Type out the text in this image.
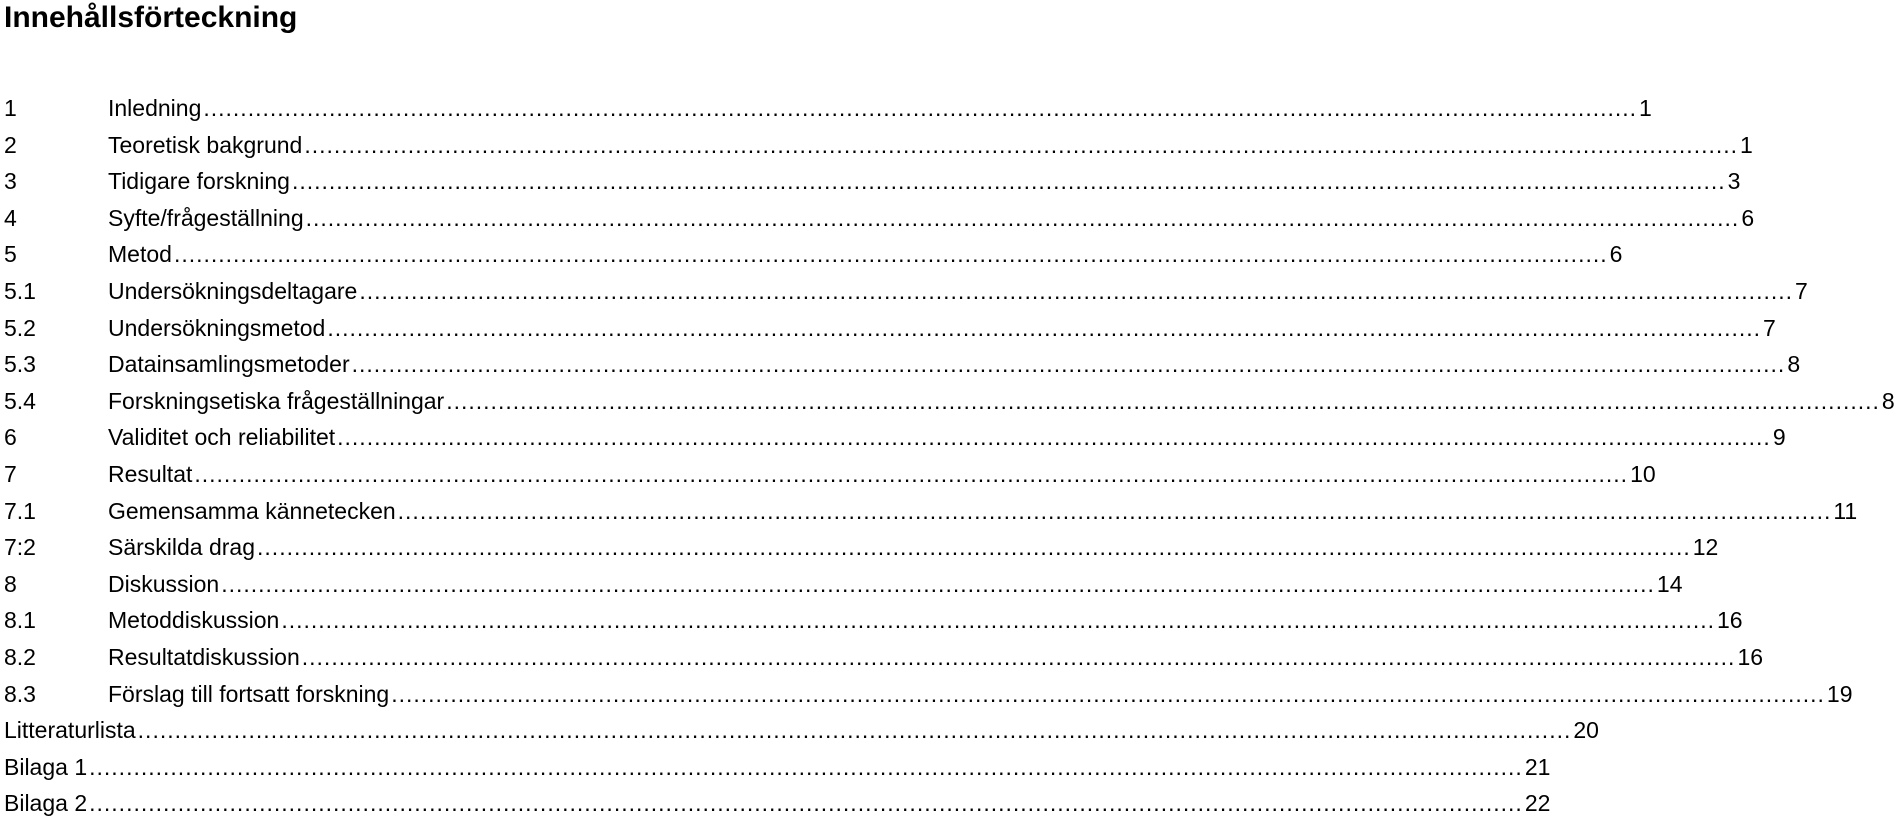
Innehållsförteckning
1	Inledning .................................................................................................................................................................................................. 1
2	Teoretisk bakgrund .................................................................................................................................................................................................. 1
3	Tidigare forskning .................................................................................................................................................................................................. 3
4	Syfte/frågeställning .................................................................................................................................................................................................. 6
5	Metod .................................................................................................................................................................................................. 6
5.1	Undersökningsdeltagare .................................................................................................................................................................................................. 7
5.2	Undersökningsmetod .................................................................................................................................................................................................. 7
5.3	Datainsamlingsmetoder .................................................................................................................................................................................................. 8
5.4	Forskningsetiska frågeställningar .................................................................................................................................................................................................. 8
6	Validitet och reliabilitet .................................................................................................................................................................................................. 9
7	Resultat .................................................................................................................................................................................................. 10
7.1	Gemensamma kännetecken .................................................................................................................................................................................................. 11
7:2	Särskilda drag .................................................................................................................................................................................................. 12
8	Diskussion .................................................................................................................................................................................................. 14
8.1	Metoddiskussion .................................................................................................................................................................................................. 16
8.2	Resultatdiskussion .................................................................................................................................................................................................. 16
8.3	Förslag till fortsatt forskning .................................................................................................................................................................................................. 19
Litteraturlista .................................................................................................................................................................................................. 20
Bilaga 1 .................................................................................................................................................................................................. 21
Bilaga 2 .................................................................................................................................................................................................. 22
